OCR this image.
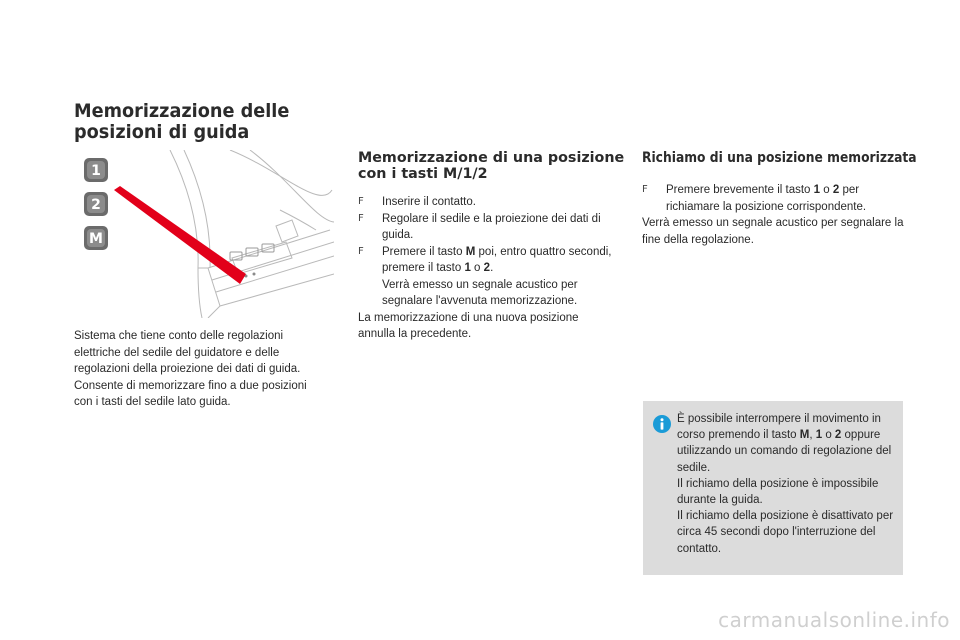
Memorizzazione delle
posizioni di guida
1
2
M
Sistema che tiene conto delle regolazioni
elettriche del sedile del guidatore e delle
regolazioni della proiezione dei dati di guida.
Consente di memorizzare fino a due posizioni
con i tasti del sedile lato guida.
Memorizzazione di una posizione
con i tasti M/1/2
F Inserire il contatto.
F Regolare il sedile e la proiezione dei dati di guida.
F Premere il tasto M poi, entro quattro secondi, premere il tasto 1 o 2.
Verrà emesso un segnale acustico per segnalare l'avvenuta memorizzazione.

La memorizzazione di una nuova posizione annulla la precedente.

Richiamo di una posizione memorizzata
F Premere brevemente il tasto 1 o 2 per richiamare la posizione corrispondente.

Verrà emesso un segnale acustico per segnalare la fine della regolazione.

È possibile interrompere il movimento in corso premendo il tasto M, 1 o 2 oppure utilizzando un comando di regolazione del sedile.
Il richiamo della posizione è impossibile durante la guida.
Il richiamo della posizione è disattivato per circa 45 secondi dopo l'interruzione del contatto.

carmanualsonline.info
